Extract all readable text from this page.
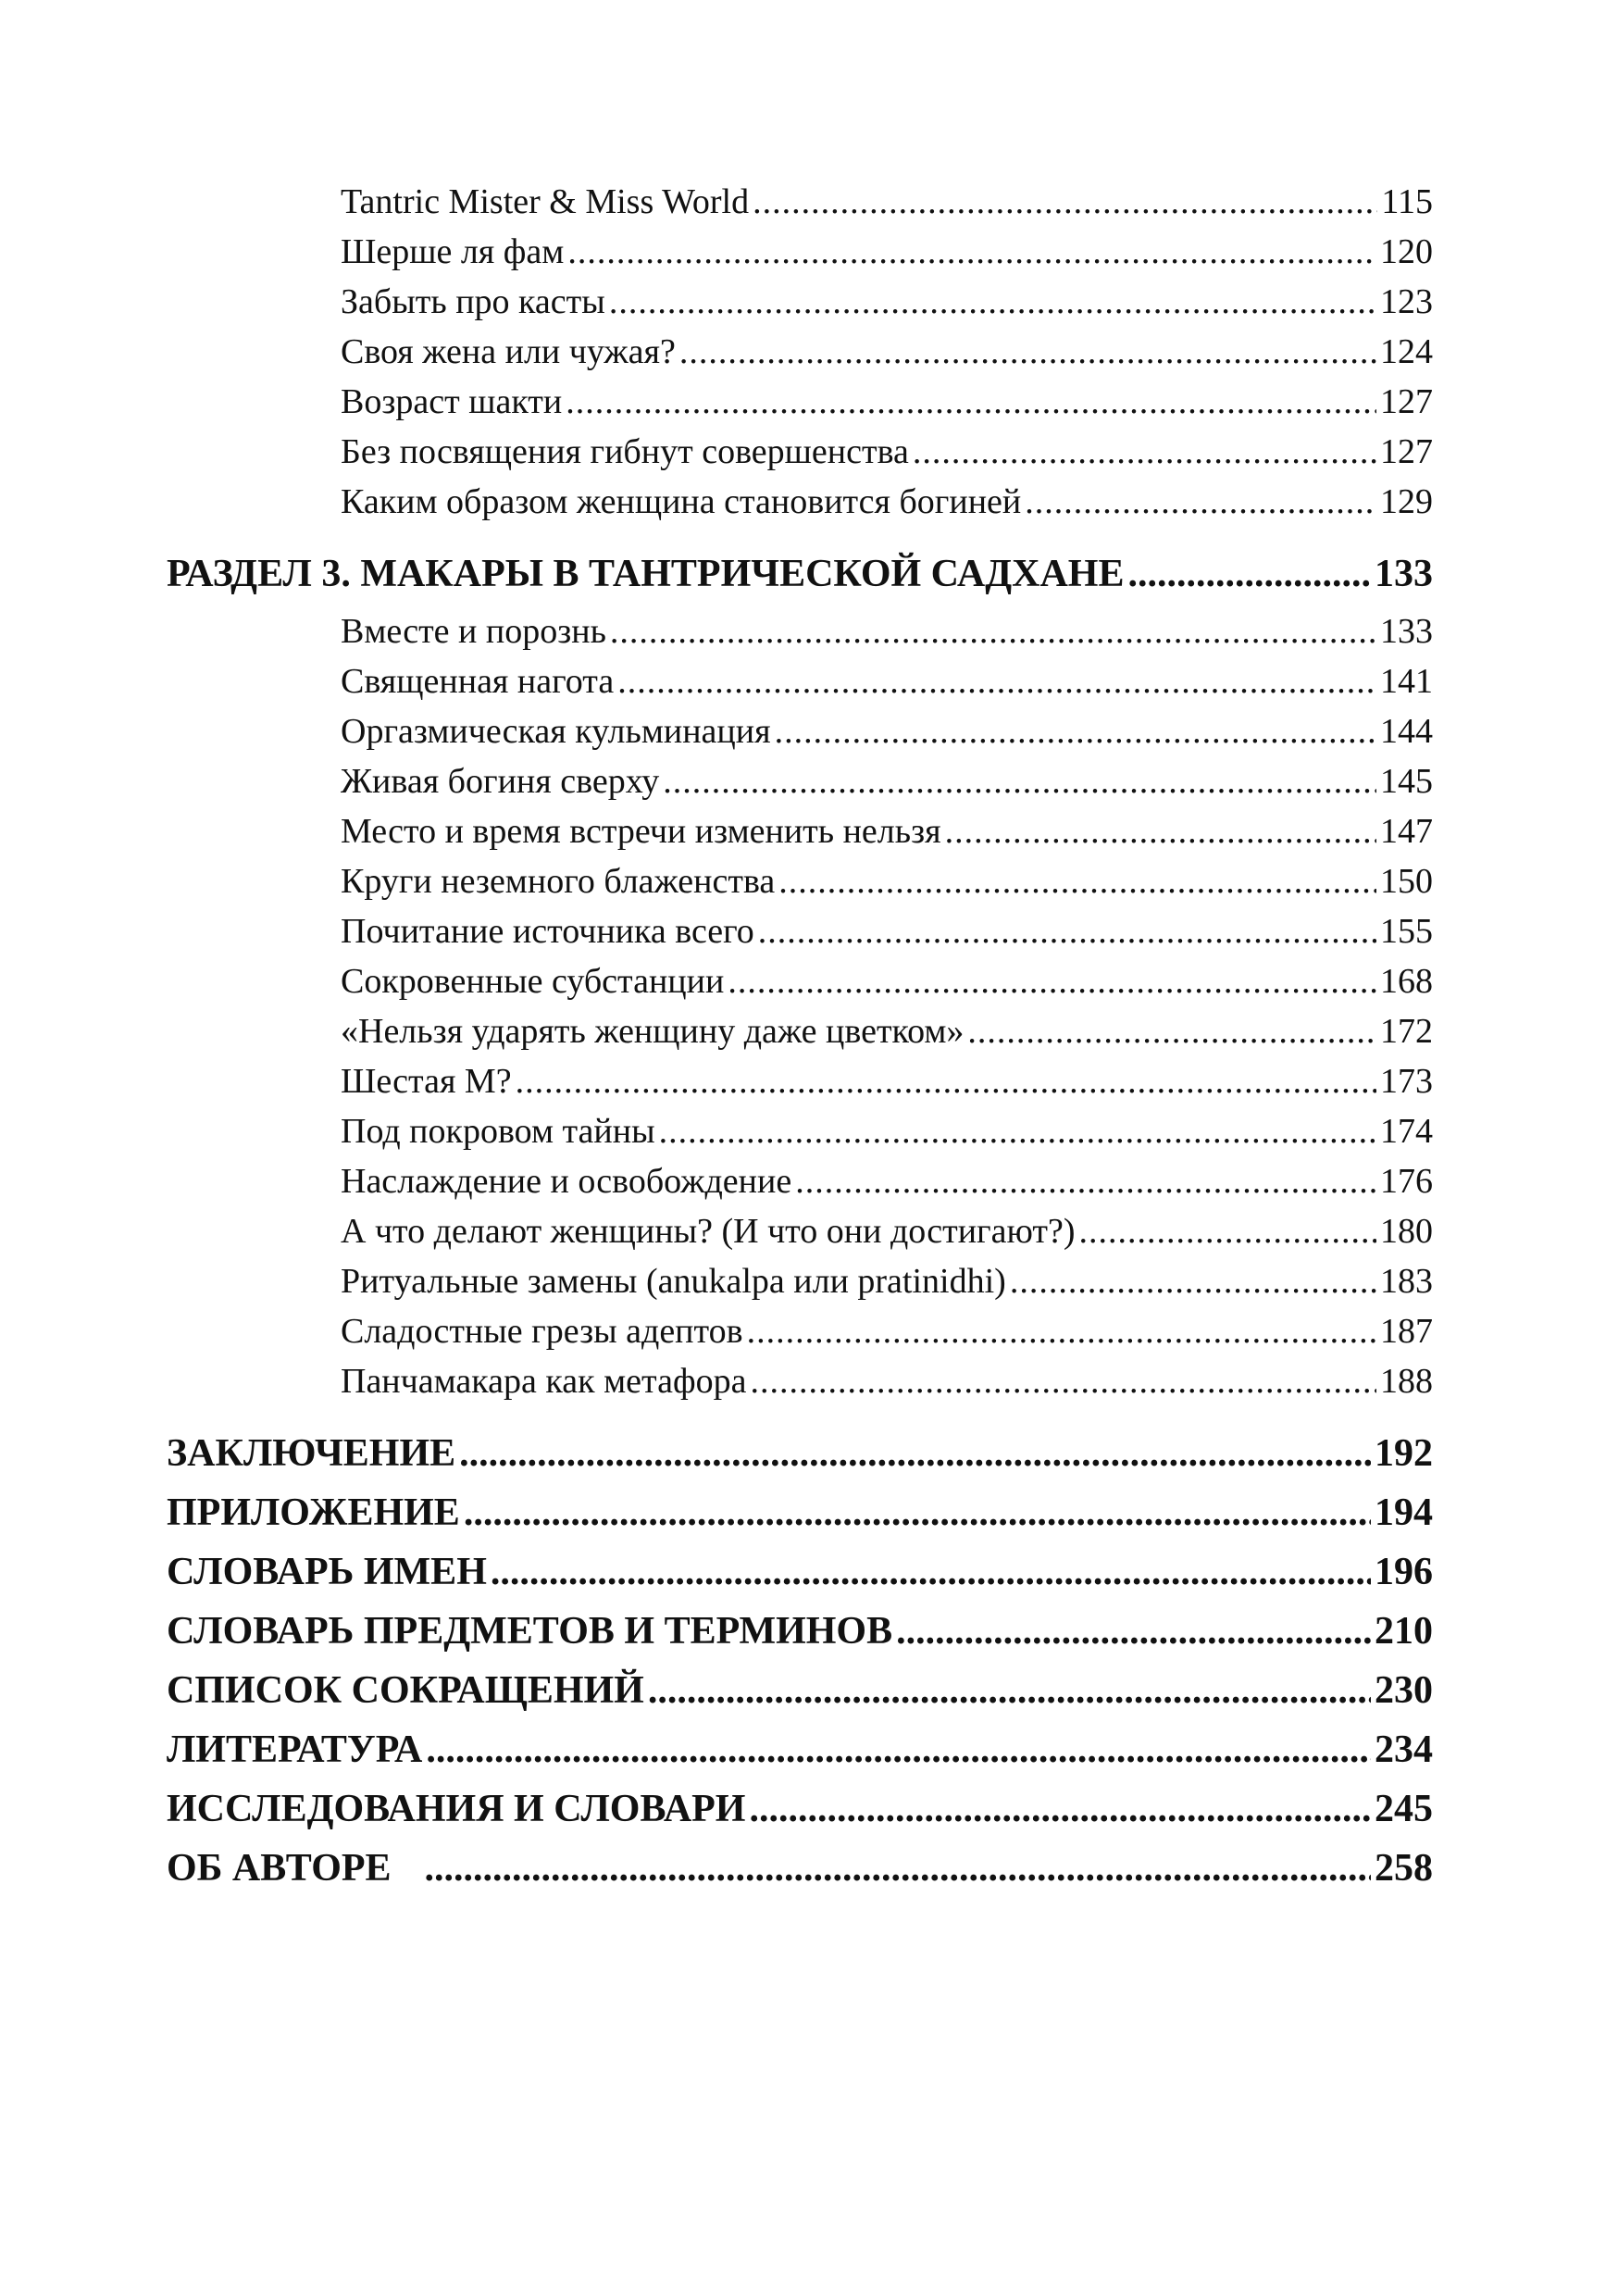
Tantric Mister & Miss World .....	115
Шерше ля фам .....	120
Забыть про касты .....	123
Своя жена или чужая? .....	124
Возраст шакти .....	127
Без посвящения гибнут совершенства .....	127
Каким образом женщина становится богиней .....	129
РАЗДЕЛ 3. МАКАРЫ В ТАНТРИЧЕСКОЙ САДХАНЕ .....	133
Вместе и порознь .....	133
Священная нагота .....	141
Оргазмическая кульминация .....	144
Живая богиня сверху .....	145
Место и время встречи изменить нельзя .....	147
Круги неземного блаженства .....	150
Почитание источника всего .....	155
Сокровенные субстанции .....	168
«Нельзя ударять женщину даже цветком» .....	172
Шестая М? .....	173
Под покровом тайны .....	174
Наслаждение и освобождение .....	176
А что делают женщины? (И что они достигают?) .....	180
Ритуальные замены (anukalpa или pratinidhi) .....	183
Сладостные грезы адептов .....	187
Панчамакара как метафора .....	188
ЗАКЛЮЧЕНИЕ .....	192
ПРИЛОЖЕНИЕ .....	194
СЛОВАРЬ ИМЕН .....	196
СЛОВАРЬ ПРЕДМЕТОВ И ТЕРМИНОВ .....	210
СПИСОК СОКРАЩЕНИЙ .....	230
ЛИТЕРАТУРА .....	234
ИССЛЕДОВАНИЯ И СЛОВАРИ .....	245
ОБ АВТОРЕ .....	258
